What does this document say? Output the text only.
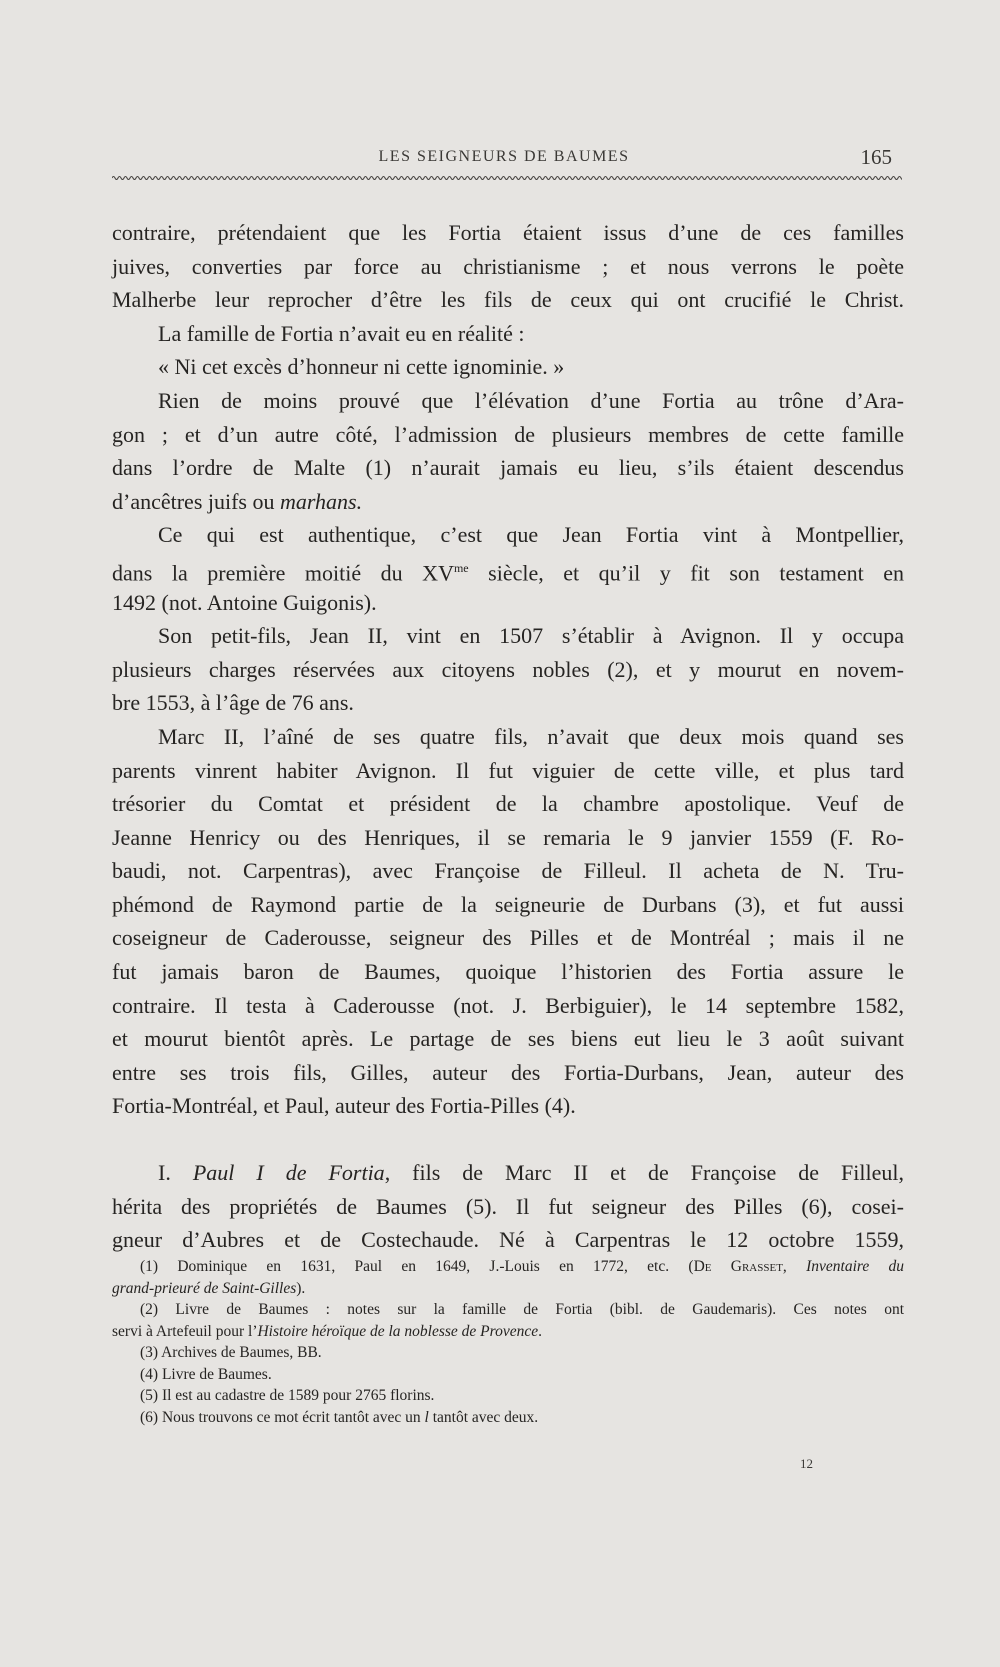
LES SEIGNEURS DE BAUMES	165
contraire, prétendaient que les Fortia étaient issus d’une de ces familles
juives, converties par force au christianisme ; et nous verrons le poète
Malherbe leur reprocher d’être les fils de ceux qui ont crucifié le Christ.
La famille de Fortia n’avait eu en réalité :
« Ni cet excès d’honneur ni cette ignominie. »
Rien de moins prouvé que l’élévation d’une Fortia au trône d’Ara-
gon ; et d’un autre côté, l’admission de plusieurs membres de cette famille
dans l’ordre de Malte (1) n’aurait jamais eu lieu, s’ils étaient descendus
d’ancêtres juifs ou marhans.
Ce qui est authentique, c’est que Jean Fortia vint à Montpellier,
dans la première moitié du $XV^{me}$ siècle, et qu’il y fit son testament en
1492 (not. Antoine Guigonis).
Son petit-fils, Jean II, vint en 1507 s’établir à Avignon. Il y occupa
plusieurs charges réservées aux citoyens nobles (2), et y mourut en novem-
bre 1553, à l’âge de 76 ans.
Marc II, l’aîné de ses quatre fils, n’avait que deux mois quand ses
parents vinrent habiter Avignon. Il fut viguier de cette ville, et plus tard
trésorier du Comtat et président de la chambre apostolique. Veuf de
Jeanne Henricy ou des Henriques, il se remaria le 9 janvier 1559 (F. Ro-
baudi, not. Carpentras), avec Françoise de Filleul. Il acheta de N. Tru-
phémond de Raymond partie de la seigneurie de Durbans (3), et fut aussi
coseigneur de Caderousse, seigneur des Pilles et de Montréal ; mais il ne
fut jamais baron de Baumes, quoique l’historien des Fortia assure le
contraire. Il testa à Caderousse (not. J. Berbiguier), le 14 septembre 1582,
et mourut bientôt après. Le partage de ses biens eut lieu le 3 août suivant
entre ses trois fils, Gilles, auteur des Fortia-Durbans, Jean, auteur des
Fortia-Montréal, et Paul, auteur des Fortia-Pilles (4).
I. Paul I de Fortia, fils de Marc II et de Françoise de Filleul,
hérita des propriétés de Baumes (5). Il fut seigneur des Pilles (6), cosei-
gneur d’Aubres et de Costechaude. Né à Carpentras le 12 octobre 1559,
(1) Dominique en 1631, Paul en 1649, J.-Louis en 1772, etc. (De Grasset, Inventaire du
grand-prieuré de Saint-Gilles).
(2) Livre de Baumes : notes sur la famille de Fortia (bibl. de Gaudemaris). Ces notes ont
servi à Artefeuil pour l’Histoire héroïque de la noblesse de Provence.
(3) Archives de Baumes, BB.
(4) Livre de Baumes.
(5) Il est au cadastre de 1589 pour 2765 florins.
(6) Nous trouvons ce mot écrit tantôt avec un l tantôt avec deux.
12
